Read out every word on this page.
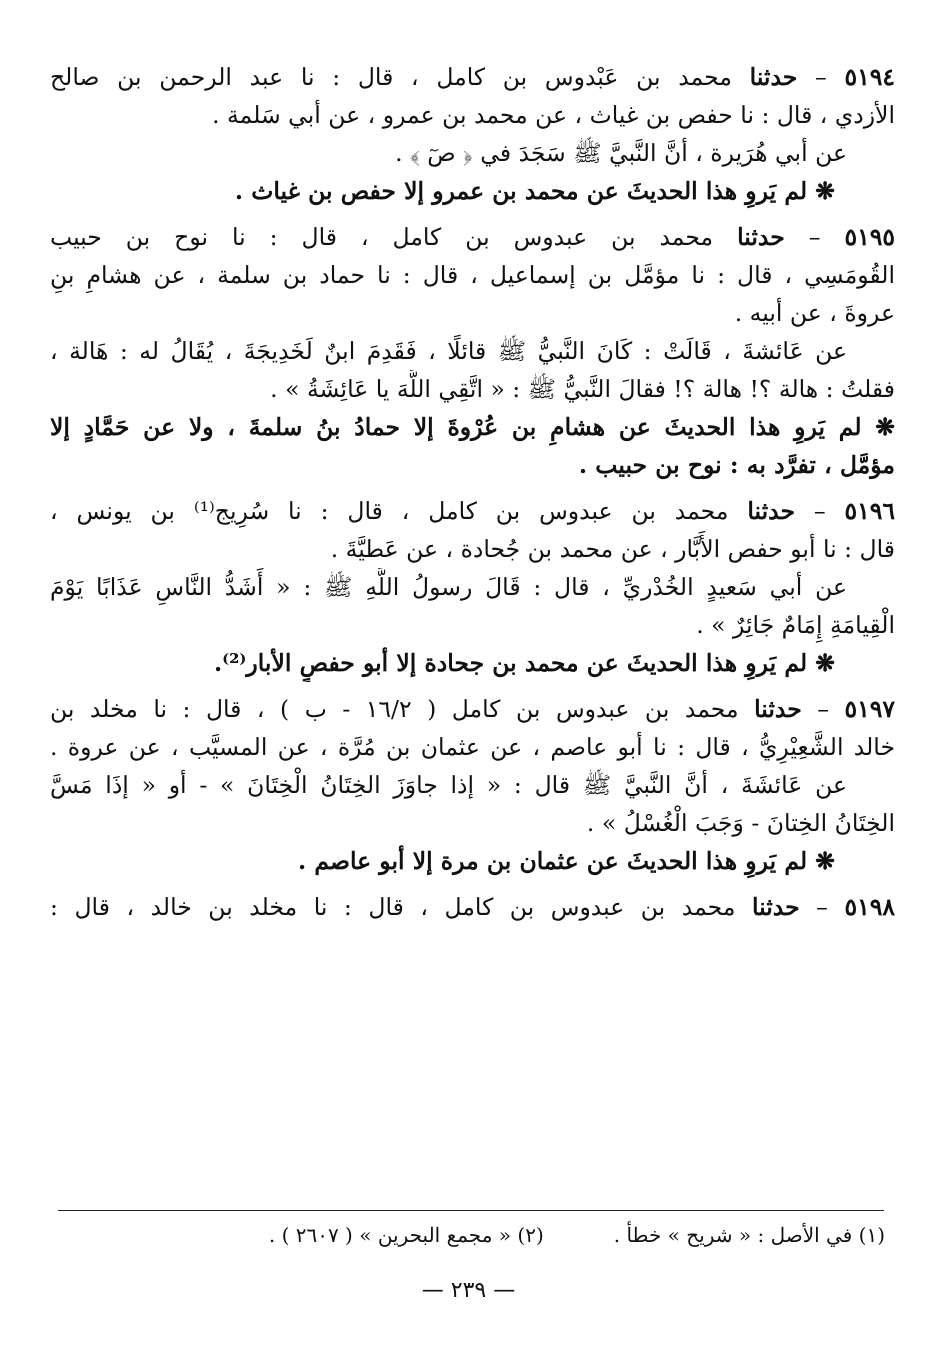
٥١٩٤ – حدثنا محمد بن عَبْدوس بن كامل ، قال : نا عبد الرحمن بن صالح
الأزدي ، قال : نا حفص بن غياث ، عن محمد بن عمرو ، عن أبي سَلمة .
عن أبي هُرَيرة ، أنَّ النَّبيَّ ﷺ سَجَدَ في ﴿ صٓ ﴾ .
❋ لم يَروِ هذا الحديثَ عن محمد بن عمرو إلا حفص بن غياث .
٥١٩٥ – حدثنا محمد بن عبدوس بن كامل ، قال : نا نوح بن حبيب
القُومَسِي ، قال : نا مؤمَّل بن إسماعيل ، قال : نا حماد بن سلمة ، عن هشامِ بنِ
عروةَ ، عن أبيه .
عن عَائشةَ ، قَالَتْ : كَانَ النَّبيُّ ﷺ قائلًا ، فَقَدِمَ ابنٌ لَخَدِيجَةَ ، يُقَالُ له : هَالة ،
فقلتُ : هالة ؟! هالة ؟! فقالَ النَّبيُّ ﷺ : « اتَّقِي اللَّهَ يا عَائِشَةُ » .
❋ لم يَروِ هذا الحديثَ عن هشامِ بن عُرْوةَ إلا حمادُ بنُ سلمةَ ، ولا عن حَمَّادٍ إلا
مؤمَّل ، تفرَّد به : نوح بن حبيب .
٥١٩٦ – حدثنا محمد بن عبدوس بن كامل ، قال : نا سُرِيج⁽¹⁾ بن يونس ،
قال : نا أبو حفص الأَبَّار ، عن محمد بن جُحادة ، عن عَطيَّةَ .
عن أبي سَعيدٍ الخُدْريِّ ، قال : قَالَ رسولُ اللَّهِ ﷺ : « أَشَدُّ النَّاسِ عَذَابًا يَوْمَ
الْقِيامَةِ إِمَامٌ جَائِرٌ » .
❋ لم يَروِ هذا الحديثَ عن محمد بن جحادة إلا أبو حفصٍ الأبار⁽²⁾.
٥١٩٧ – حدثنا محمد بن عبدوس بن كامل ( ١٦/٢ - ب ) ، قال : نا مخلد بن
خالد الشَّعِيْرِيُّ ، قال : نا أبو عاصم ، عن عثمان بن مُرَّة ، عن المسيَّب ، عن عروة .
عن عَائشَةَ ، أنَّ النَّبيَّ ﷺ قال : « إذا جاوَزَ الخِتَانُ الْخِتَانَ » - أو « إذَا مَسَّ
الخِتَانُ الخِتانَ - وَجَبَ الْغُسْلُ » .
❋ لم يَروِ هذا الحديثَ عن عثمان بن مرة إلا أبو عاصم .
٥١٩٨ – حدثنا محمد بن عبدوس بن كامل ، قال : نا مخلد بن خالد ، قال :
(١) في الأصل : « شريح » خطأ .(٢) « مجمع البحرين » ( ٢٦٠٧ ) .
— ٢٣٩ —
